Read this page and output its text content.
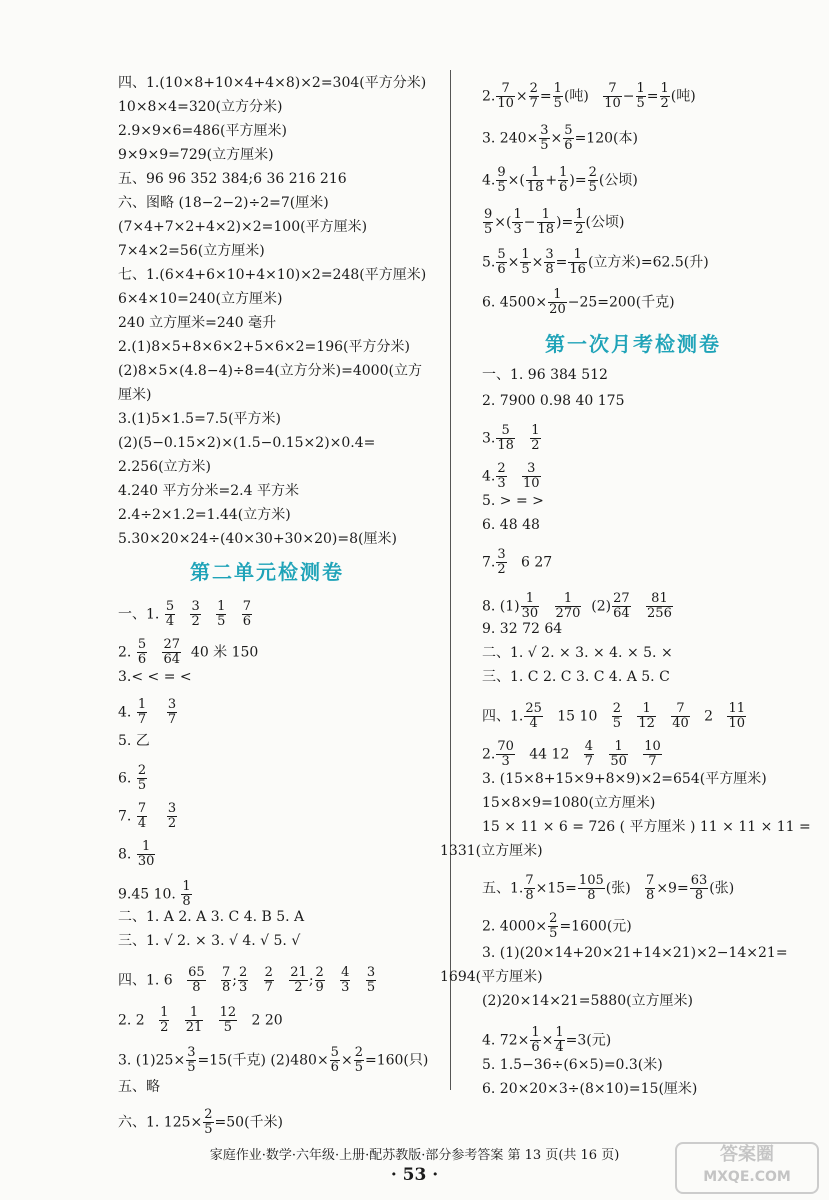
四、1.(10×8+10×4+4×8)×2=304(平方分米)
10×8×4=320(立方分米)
2.9×9×6=486(平方厘米)
9×9×9=729(立方厘米)
五、96 96 352 384;6 36 216 216
六、图略 (18−2−2)÷2=7(厘米)
(7×4+7×2+4×2)×2=100(平方厘米)
7×4×2=56(立方厘米)
七、1.(6×4+6×10+4×10)×2=248(平方厘米)
6×4×10=240(立方厘米)
240 立方厘米=240 毫升
2.(1)8×5+8×6×2+5×6×2=196(平方分米)
(2)8×5×(4.8−4)÷8=4(立方分米)=4000(立方
厘米)
3.(1)5×1.5=7.5(平方米)
(2)(5−0.15×2)×(1.5−0.15×2)×0.4=
2.256(立方米)
4.240 平方分米=2.4 平方米
2.4÷2×1.2=1.44(立方米)
5.30×20×24÷(40×30+30×20)=8(厘米)
第二单元检测卷
一、1. $\frac{5}{4}$
$\frac{3}{2}$
$\frac{1}{5}$
$\frac{7}{6}$
2. $\frac{5}{6}$
$\frac{27}{64} 40$ 米 150
3.< < = <
4. $\frac{1}{7}$
$\frac{3}{7}$
5. 乙
6. $\frac{2}{5}$
7. $\frac{7}{4}$
$\frac{3}{2}$
8. $\frac{1}{30}$
9.45 10. $\frac{1}{8}$
二、1. A 2. A 3. C 4. B 5. A
三、1. √ 2. × 3. √ 4. √ 5. √
四、1. $6 \frac{65}{8}$
$\frac{7}{8}$ ; $\frac{2}{3}$
$\frac{2}{7}$
$\frac{21}{2}$ ; $\frac{2}{9}$
$\frac{4}{3}$
$\frac{3}{5}$
2. $2 \frac{1}{2}$
$\frac{1}{21}$
$\frac{12}{5} 2$ 20
3. $(1)25\times \frac{3}{5} =15$(千克) $(2)480\times \frac{5}{6} \times \frac{2}{5} =160$(只)
五、略
六、1. $125\times \frac{2}{5} =50$(千米)
2. $\frac{7}{10} \times \frac{2}{7} = \frac{1}{5}$ (吨) $\frac{7}{10} - \frac{1}{5} = \frac{1}{2}$ (吨)
3. $240\times \frac{3}{5} \times \frac{5}{6} =120$(本)
4. $\frac{9}{5}$ ×( $\frac{1}{18} + \frac{1}{6}$ )= $\frac{2}{5}$ (公顷)
$\frac{9}{5}$ ×( $\frac{1}{3} - \frac{1}{18}$ )= $\frac{1}{2}$ (公顷)
5. $\frac{5}{6} \times \frac{1}{5} \times \frac{3}{8} = \frac{1}{16}$ (立方米)=62.5(升)
6. $4500\times \frac{1}{20} -25=200$(千克)
第一次月考检测卷
一、1. 96 384 512
2. 7900 0.98 40 175
3. $\frac{5}{18}$
$\frac{1}{2}$
4. $\frac{2}{3}$
$\frac{3}{10}$
5. > = >
6. 48 48
7. $\frac{3}{2} 6$ 27
8. $(1) \frac{1}{30}$
$\frac{1}{270} (2) \frac{27}{64}$
$\frac{81}{256}$
9. 32 72 64
二、1. √ 2. × 3. × 4. × 5. ×
三、1. C 2. C 3. C 4. A 5. C
四、1. $\frac{25}{4} 15$ $10 \frac{2}{5}$
$\frac{1}{12}$
$\frac{7}{40} 2 \frac{11}{10}$
2. $\frac{70}{3} 44$ $12 \frac{4}{7}$
$\frac{1}{50}$
$\frac{10}{7}$
3. (15×8+15×9+8×9)×2=654(平方厘米)
15×8×9=1080(立方厘米)
15 × 11 × 6 = 726 ( 平方厘米 ) 11 × 11 × 11 =
1331(立方厘米)
五、1. $\frac{7}{8} \times 15= \frac{105}{8}$ (张) $\frac{7}{8} \times 9= \frac{63}{8}$ (张)
2. $4000\times \frac{2}{5} =1600$(元)
3. (1)(20×14+20×21+14×21)×2−14×21=
1694(平方厘米)
(2)20×14×21=5880(立方厘米)
4. $72\times \frac{1}{6} \times \frac{1}{4} =3$(元)
5. 1.5−36÷(6×5)=0.3(米)
6. 20×20×3÷(8×10)=15(厘米)
家庭作业·数学·六年级·上册·配苏教版·部分参考答案 第 13 页(共 16 页)
· 53 ·
答案圈
MXQE.COM
